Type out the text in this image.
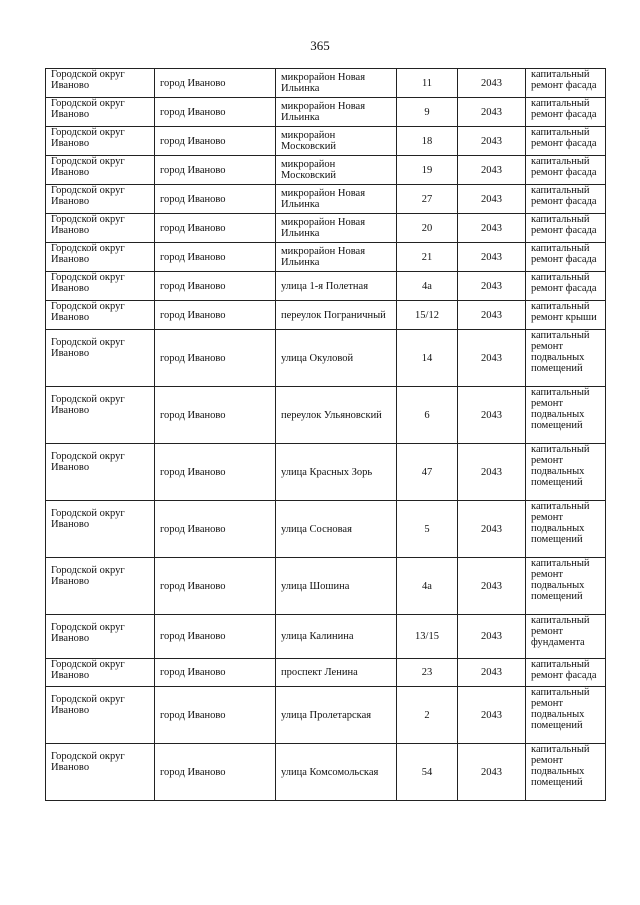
365
Городской округ Иваново	город Иваново	микрорайон Новая Ильинка	11	2043	капитальный ремонт фасада
Городской округ Иваново	город Иваново	микрорайон Новая Ильинка	9	2043	капитальный ремонт фасада
Городской округ Иваново	город Иваново	микрорайон Московский	18	2043	капитальный ремонт фасада
Городской округ Иваново	город Иваново	микрорайон Московский	19	2043	капитальный ремонт фасада
Городской округ Иваново	город Иваново	микрорайон Новая Ильинка	27	2043	капитальный ремонт фасада
Городской округ Иваново	город Иваново	микрорайон Новая Ильинка	20	2043	капитальный ремонт фасада
Городской округ Иваново	город Иваново	микрорайон Новая Ильинка	21	2043	капитальный ремонт фасада
Городской округ Иваново	город Иваново	улица 1-я Полетная	4а	2043	капитальный ремонт фасада
Городской округ Иваново	город Иваново	переулок Пограничный	15/12	2043	капитальный ремонт крыши
Городской округ Иваново	город Иваново	улица Окуловой	14	2043	капитальный ремонт подвальных помещений
Городской округ Иваново	город Иваново	переулок Ульяновский	6	2043	капитальный ремонт подвальных помещений
Городской округ Иваново	город Иваново	улица Красных Зорь	47	2043	капитальный ремонт подвальных помещений
Городской округ Иваново	город Иваново	улица Сосновая	5	2043	капитальный ремонт подвальных помещений
Городской округ Иваново	город Иваново	улица Шошина	4а	2043	капитальный ремонт подвальных помещений
Городской округ Иваново	город Иваново	улица Калинина	13/15	2043	капитальный ремонт фундамента
Городской округ Иваново	город Иваново	проспект Ленина	23	2043	капитальный ремонт фасада
Городской округ Иваново	город Иваново	улица Пролетарская	2	2043	капитальный ремонт подвальных помещений
Городской округ Иваново	город Иваново	улица Комсомольская	54	2043	капитальный ремонт подвальных помещений
